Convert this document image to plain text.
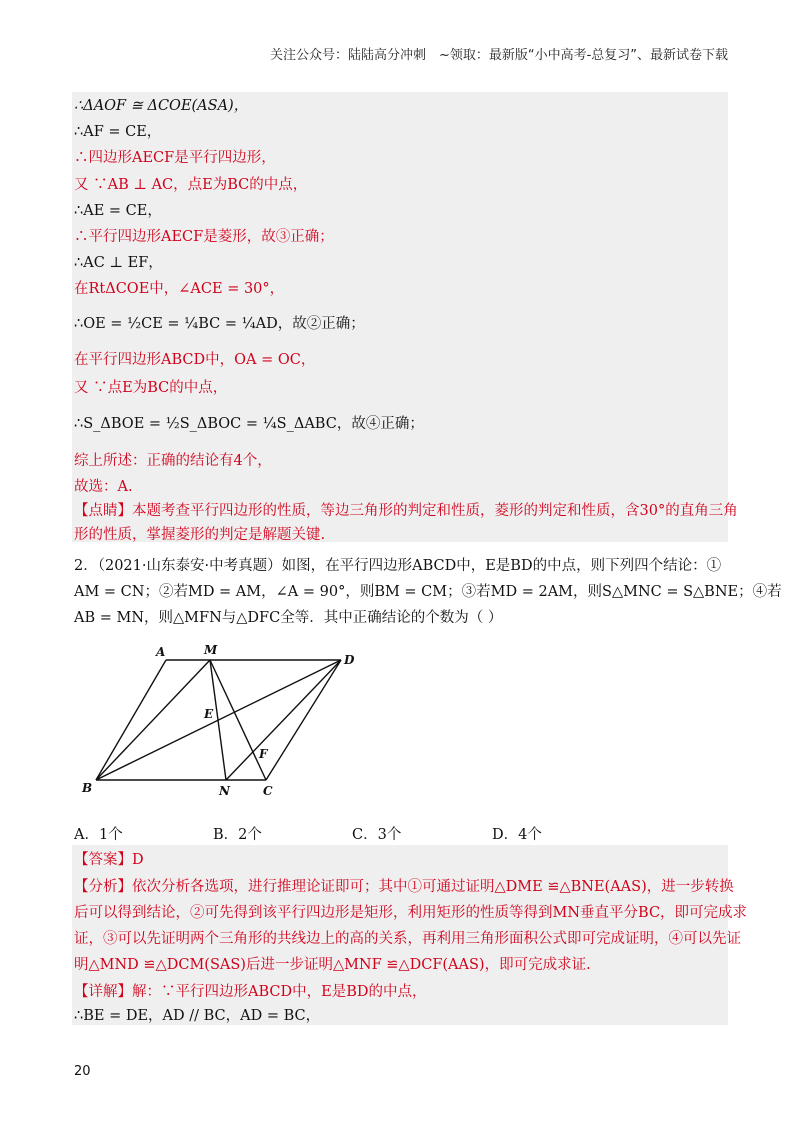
关注公众号：陆陆高分冲刺　~领取：最新版“小中高考-总复习”、最新试卷下载
∴ΔAOF ≅ ΔCOE(ASA)，
∴AF = CE，
∴四边形AECF是平行四边形，
又 ∵AB ⊥ AC，点E为BC的中点，
∴AE = CE，
∴平行四边形AECF是菱形，故③正确；
∴AC ⊥ EF，
在RtΔCOE中，∠ACE = 30°，
∴OE = ½CE = ¼BC = ¼AD，故②正确；
在平行四边形ABCD中，OA = OC，
又 ∵点E为BC的中点，
∴S_ΔBOE = ½S_ΔBOC = ¼S_ΔABC，故④正确；
综上所述：正确的结论有4个，
故选：A.
【点睛】本题考查平行四边形的性质，等边三角形的判定和性质，菱形的判定和性质，含30°的直角三角
形的性质，掌握菱形的判定是解题关键.
2．（2021·山东泰安·中考真题）如图，在平行四边形ABCD中，E是BD的中点，则下列四个结论：①
AM = CN；②若MD = AM，∠A = 90°，则BM = CM；③若MD = 2AM，则S△MNC = S△BNE；④若
AB = MN，则△MFN与△DFC全等．其中正确结论的个数为（ ）
A	M
D
E
F
B	N	C
A．1个	B．2个	C．3个	D．4个
【答案】D
【分析】依次分析各选项，进行推理论证即可；其中①可通过证明△DME ≌△BNE(AAS)，进一步转换
后可以得到结论，②可先得到该平行四边形是矩形，利用矩形的性质等得到MN垂直平分BC，即可完成求
证，③可以先证明两个三角形的共线边上的高的关系，再利用三角形面积公式即可完成证明，④可以先证
明△MND ≌△DCM(SAS)后进一步证明△MNF ≌△DCF(AAS)，即可完成求证.
【详解】解：∵平行四边形ABCD中，E是BD的中点，
∴BE = DE，AD // BC，AD = BC，
20
